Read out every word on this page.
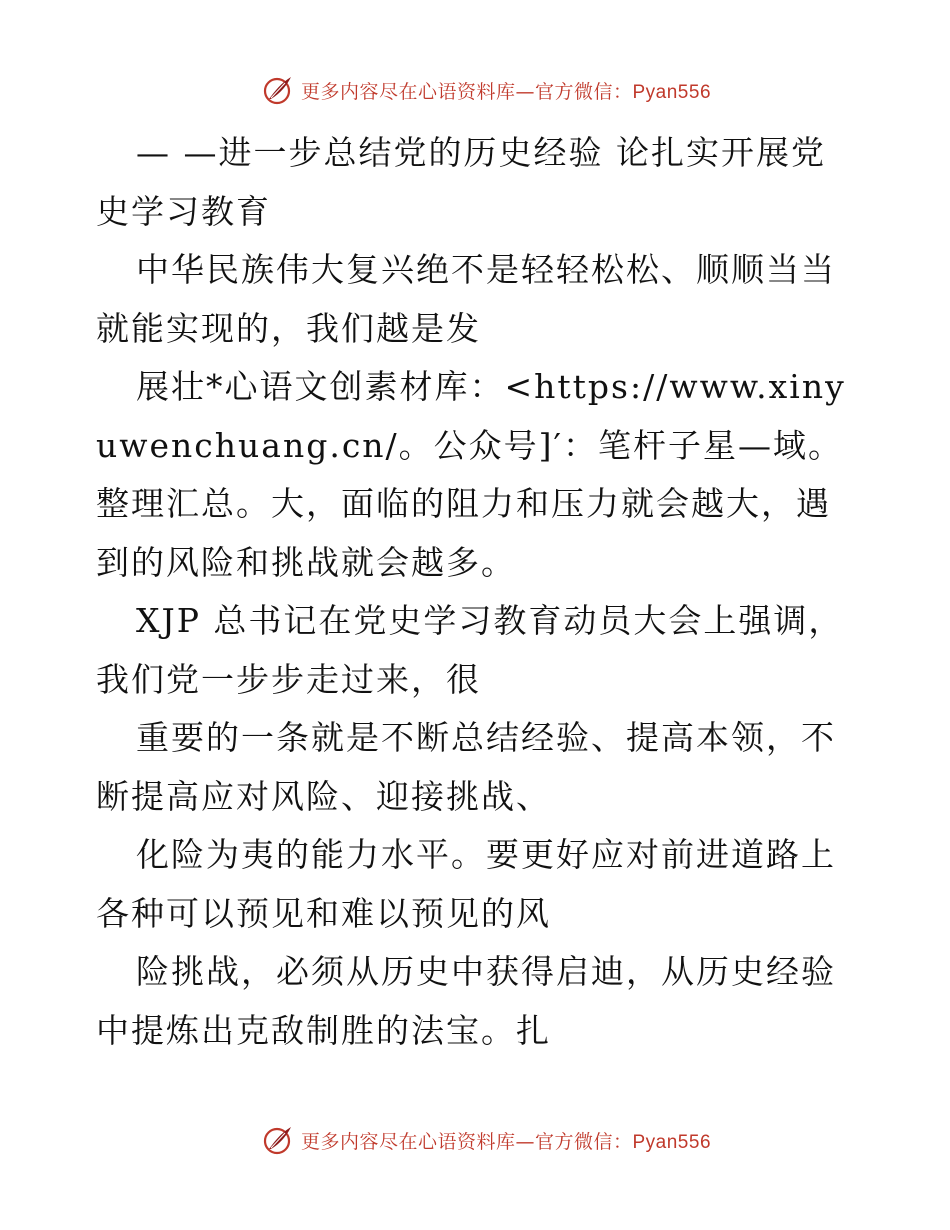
更多内容尽在心语资料库—官方微信：Pyan556

— —进一步总结党的历史经验 论扎实开展党史学习教育

中华民族伟大复兴绝不是轻轻松松、顺顺当当就能实现的，我们越是发

展壮*心语文创素材库：<https://www.xinyuwenchuang.cn/。公众号]′：笔杆子星—域。整理汇总。大，面临的阻力和压力就会越大，遇到的风险和挑战就会越多。

XJP 总书记在党史学习教育动员大会上强调，我们党一步步走过来，很

重要的一条就是不断总结经验、提高本领，不断提高应对风险、迎接挑战、

化险为夷的能力水平。要更好应对前进道路上各种可以预见和难以预见的风

险挑战，必须从历史中获得启迪，从历史经验中提炼出克敌制胜的法宝。扎

更多内容尽在心语资料库—官方微信：Pyan556
